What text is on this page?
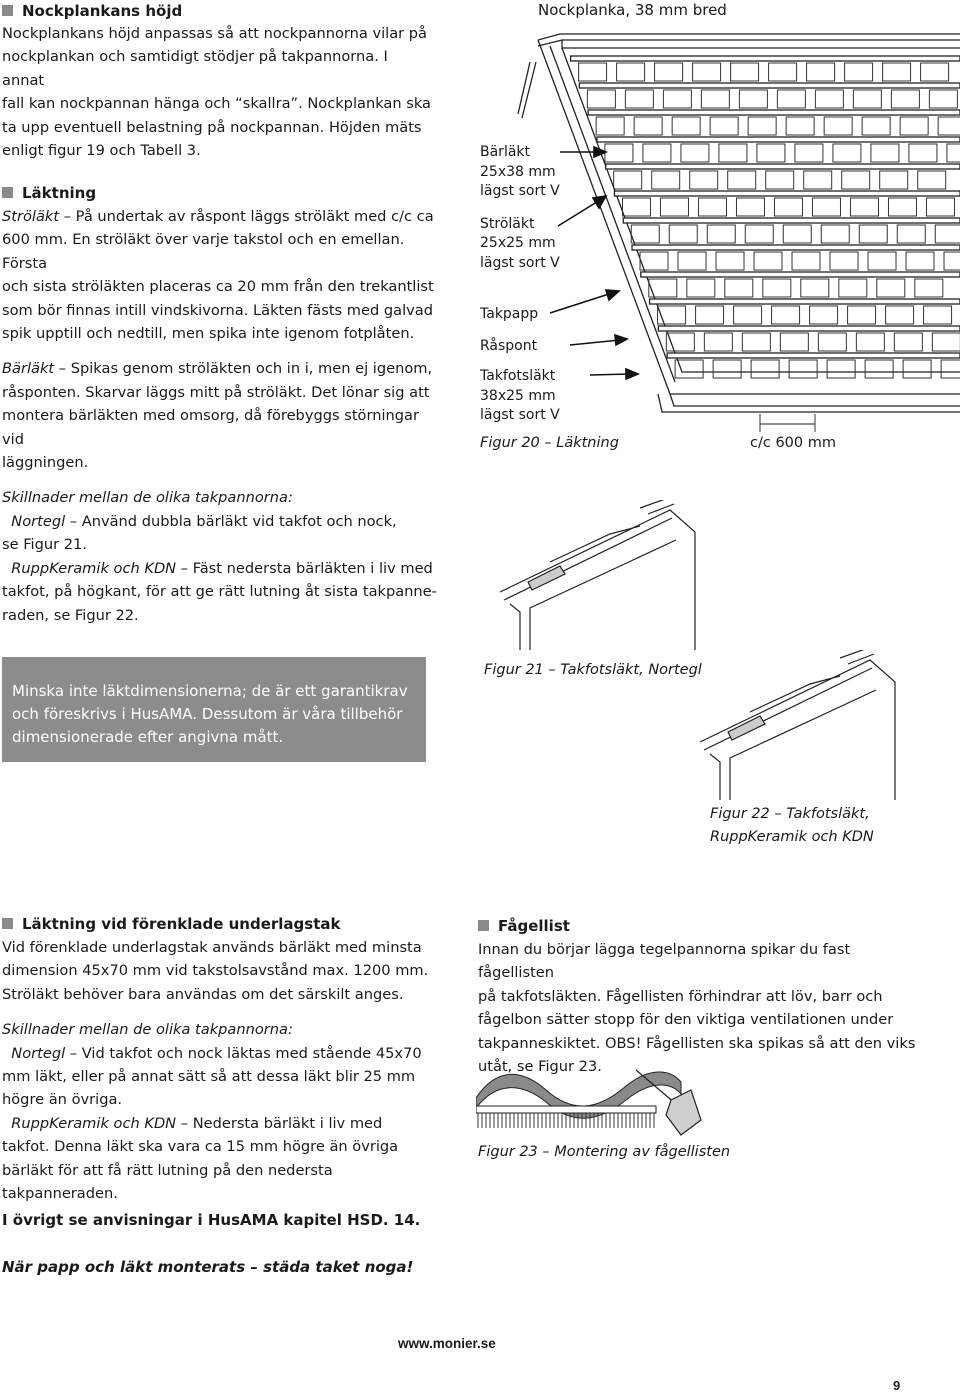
Nockplankans höjd
Nockplankans höjd anpassas så att nockpannorna vilar på
nockplankan och samtidigt stödjer på takpannorna. I annat
fall kan nockpannan hänga och “skallra”. Nockplankan ska
ta upp eventuell belastning på nockpannan. Höjden mäts
enligt figur 19 och Tabell 3.
Läktning
Ströläkt – På undertak av råspont läggs ströläkt med c/c ca
600 mm. En ströläkt över varje takstol och en emellan. Första
och sista ströläkten placeras ca 20 mm från den trekantlist
som bör finnas intill vindskivorna. Läkten fästs med galvad
spik upptill och nedtill, men spika inte igenom fotplåten.
Bärläkt – Spikas genom ströläkten och in i, men ej igenom,
råsponten. Skarvar läggs mitt på ströläkt. Det lönar sig att
montera bärläkten med omsorg, då förebyggs störningar vid
läggningen.
Skillnader mellan de olika takpannorna:
Nortegl – Använd dubbla bärläkt vid takfot och nock,
se Figur 21.
RuppKeramik och KDN – Fäst nedersta bärläkten i liv med
takfot, på högkant, för att ge rätt lutning åt sista takpanne-
raden, se Figur 22.
Minska inte läktdimensionerna; de är ett garantikrav
och föreskrivs i HusAMA. Dessutom är våra tillbehör
dimensionerade efter angivna mått.
Nockplanka, 38 mm bred
Bärläkt
25x38 mm
lägst sort V
Ströläkt
25x25 mm
lägst sort V
Takpapp
Råspont
Takfotsläkt
38x25 mm
lägst sort V
Figur 20 – Läktning	c/c 600 mm
Figur 21 – Takfotsläkt, Nortegl
Figur 22 – Takfotsläkt,
RuppKeramik och KDN
Läktning vid förenklade underlagstak
Vid förenklade underlagstak används bärläkt med minsta
dimension 45x70 mm vid takstolsavstånd max. 1200 mm.
Ströläkt behöver bara användas om det särskilt anges.
Skillnader mellan de olika takpannorna:
Nortegl – Vid takfot och nock läktas med stående 45x70
mm läkt, eller på annat sätt så att dessa läkt blir 25 mm
högre än övriga.
RuppKeramik och KDN – Nedersta bärläkt i liv med
takfot. Denna läkt ska vara ca 15 mm högre än övriga
bärläkt för att få rätt lutning på den nedersta takpanneraden.
Fågellist
Innan du börjar lägga tegelpannorna spikar du fast fågellisten
på takfotsläkten. Fågellisten förhindrar att löv, barr och
fågelbon sätter stopp för den viktiga ventilationen under
takpanneskiktet. OBS! Fågellisten ska spikas så att den viks
utåt, se Figur 23.
Figur 23 – Montering av fågellisten
I övrigt se anvisningar i HusAMA kapitel HSD. 14.
När papp och läkt monterats – städa taket noga!
www.monier.se
9
